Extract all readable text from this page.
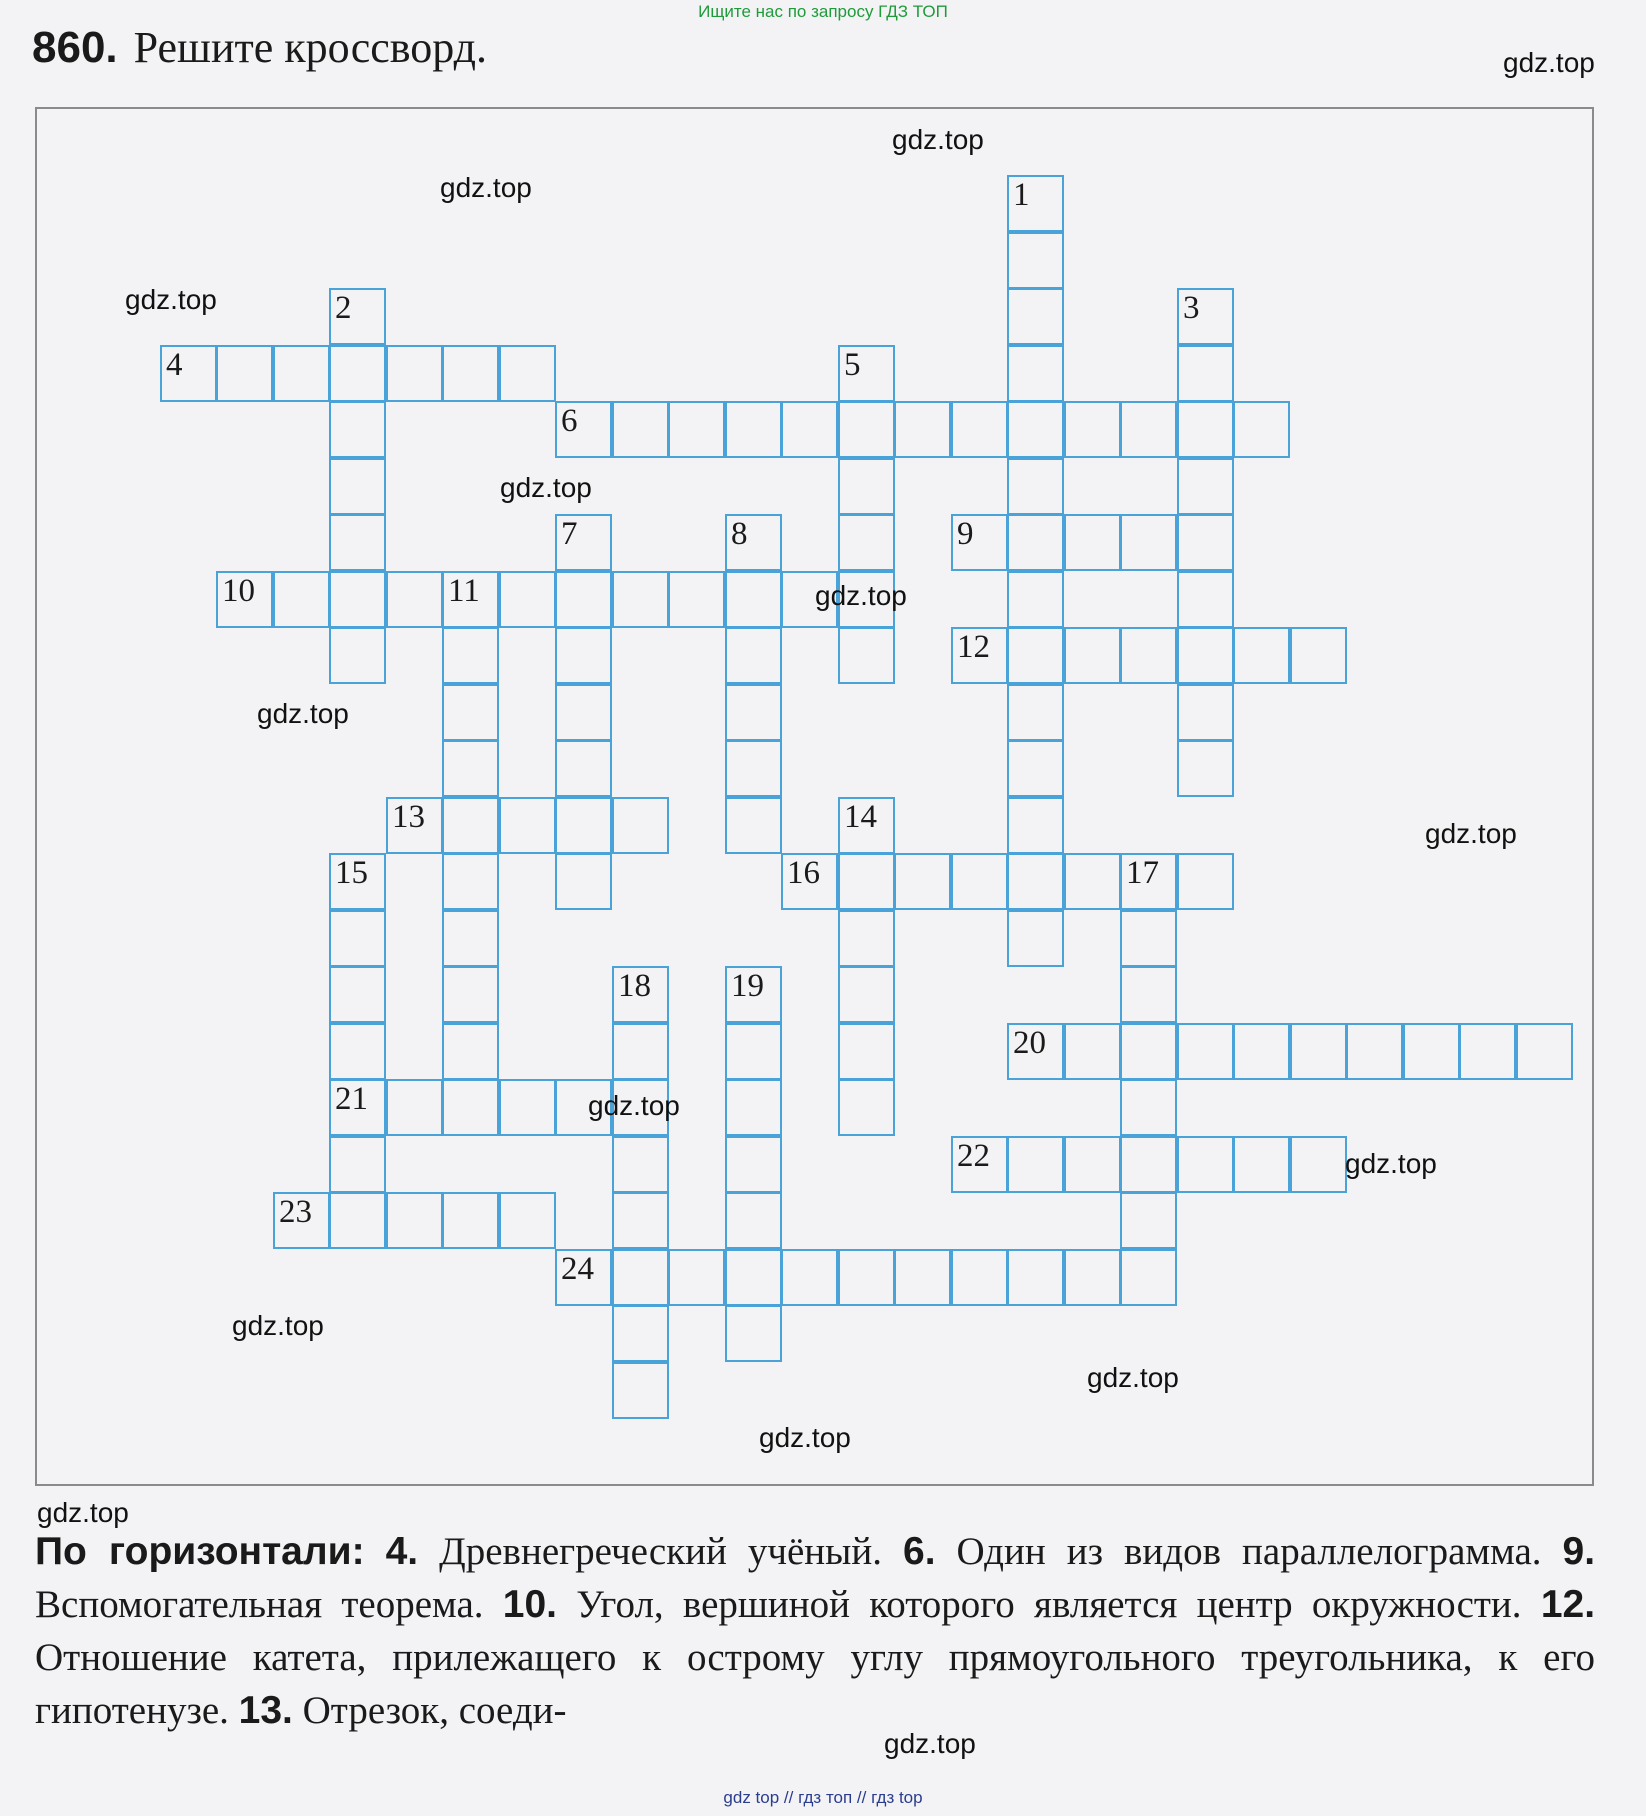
Ищите нас по запросу ГДЗ ТОП
860. Решите кроссворд.
1
2	3
4	5
6
7	8	9
10	11
12
13	14
15
21
16	17
18 19
20
22
23
24
gdz.top
gdz.top
gdz.top
gdz.top
gdz.top
gdz.top
gdz.top
gdz.top
gdz.top
gdz.top
gdz.top
gdz.top
gdz.top
gdz.top
gdz.top
По горизонтали: 4. Древнегреческий учёный. 6. Один из видов параллелограмма. 9. Вспомогательная теорема. 10. Угол, вершиной которого является центр окружности. 12. Отношение катета, прилежащего к острому углу прямоугольного треугольника, к его гипотенузе. 13. Отрезок, соеди-
gdz top // гдз топ // гдз top
